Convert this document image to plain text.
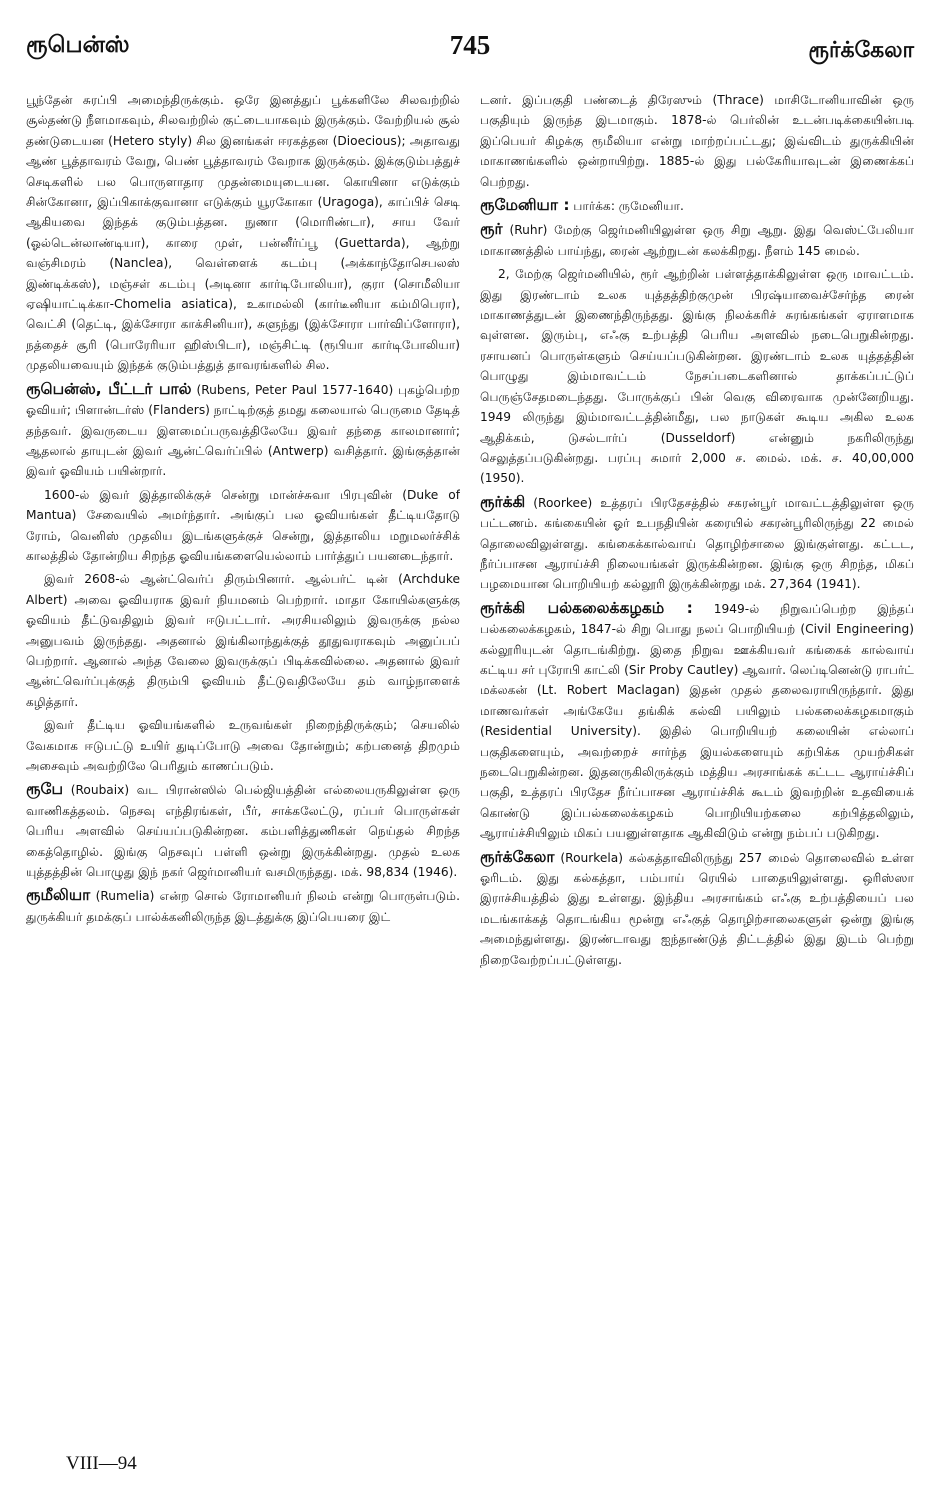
ரூபென்ஸ்	745	ரூர்க்கேலா

பூந்தேன் சுரப்பி அமைந்திருக்கும். ஒரே இனத்துப் பூக்களிலே சிலவற்றில் சூல்தண்டு நீளமாகவும், சிலவற்றில் குட்டையாகவும் இருக்கும். வேற்றியல் சூல் தண்டுடையன (Hetero styly) சில இனங்கள் ஈரகத்தன (Dioecious); அதாவது ஆண் பூத்தாவரம் வேறு, பெண் பூத்தாவரம் வேறாக இருக்கும். இக்குடும்பத்துச் செடிகளில் பல பொருளாதார முதன்மையுடையன. கொயினா எடுக்கும் சின்கோனா, இப்பிகாக்குவானா எடுக்கும் யூரகோகா (Uragoga), காப்பிச் செடி ஆகியவை இந்தக் குடும்பத்தன. நுணா (மொரிண்டா), சாய வேர் (ஓல்டென்லாண்டியா), காரை முள், பன்னீர்ப்பூ (Guettarda), ஆற்று வஞ்சிமரம் (Nanclea), வெள்ளைக் கடம்பு (அக்காந்தோசெபலஸ் இண்டிக்கஸ்), மஞ்சள் கடம்பு (அடினா கார்டிபோலியா), குரா (சொமீலியா ஏஷியாட்டிக்கா-Chomelia asiatica), உகாமல்லி (கார்டீனியா கம்மிபெரா), வெட்சி (தெட்டி, இக்சோரா காக்சினியா), சுளுந்து (இக்சோரா பார்விப்ளோரா), நத்தைச் சூரி (பொரேரியா ஹிஸ்பிடா), மஞ்சிட்டி (ரூபியா கார்டிபோலியா) முதலியவையும் இந்தக் குடும்பத்துத் தாவரங்களில் சில.

ரூபென்ஸ், பீட்டர் பால் (Rubens, Peter Paul 1577-1640) புகழ்பெற்ற ஓவியர்; பிளான்டர்ஸ் (Flanders) நாட்டிற்குத் தமது கலையால் பெருமை தேடித் தந்தவர். இவருடைய இளமைப்பருவத்திலேயே இவர் தந்தை காலமானார்; ஆதலால் தாயுடன் இவர் ஆன்ட்வெர்ப்பில் (Antwerp) வசித்தார். இங்குத்தான் இவர் ஓவியம் பயின்றார்.

1600-ல் இவர் இத்தாலிக்குச் சென்று மான்ச்சுவா பிரபுவின் (Duke of Mantua) சேவையில் அமர்ந்தார். அங்குப் பல ஓவியங்கள் தீட்டியதோடு ரோம், வெனிஸ் முதலிய இடங்களுக்குச் சென்று, இத்தாலிய மறுமலர்ச்சிக் காலத்தில் தோன்றிய சிறந்த ஓவியங்களையெல்லாம் பார்த்துப் பயனடைந்தார்.

இவர் 2608-ல் ஆன்ட்வெர்ப் திரும்பினார். ஆல்பர்ட் டின் (Archduke Albert) அவை ஓவியராக இவர் நியமனம் பெற்றார். மாதா கோயில்களுக்கு ஓவியம் தீட்டுவதிலும் இவர் ஈடுபட்டார். அரசியலிலும் இவருக்கு நல்ல அனுபவம் இருந்தது. அதனால் இங்கிலாந்துக்குத் தூதுவராகவும் அனுப்பப் பெற்றார். ஆனால் அந்த வேலை இவருக்குப் பிடிக்கவில்லை. அதனால் இவர் ஆன்ட்வெர்ப்புக்குத் திரும்பி ஓவியம் தீட்டுவதிலேயே தம் வாழ்நாளைக் கழித்தார்.

இவர் தீட்டிய ஓவியங்களில் உருவங்கள் நிறைந்திருக்கும்; செயலில் வேகமாக ஈடுபட்டு உயிர் துடிப்போடு அவை தோன்றும்; கற்பனைத் திறமும் அசைவும் அவற்றிலே பெரிதும் காணப்படும்.

ரூபே (Roubaix) வட பிரான்ஸில் பெல்ஜியத்தின் எல்லையருகிலுள்ள ஒரு வாணிகத்தலம். நெசவு எந்திரங்கள், பீர், சாக்கலேட்டு, ரப்பர் பொருள்கள் பெரிய அளவில் செய்யப்படுகின்றன. கம்பளித்துணிகள் நெய்தல் சிறந்த கைத்தொழில். இங்கு நெசவுப் பள்ளி ஒன்று இருக்கின்றது. முதல் உலக யுத்தத்தின் பொழுது இந் நகர் ஜெர்மானியர் வசமிருந்தது. மக். 98,834 (1946).

ரூமீலியா (Rumelia) என்ற சொல் ரோமானியர் நிலம் என்று பொருள்படும். துருக்கியர் தமக்குப் பால்க்கனிலிருந்த இடத்துக்கு இப்பெயரை இட்

டனர். இப்பகுதி பண்டைத் திரேஸும் (Thrace) மாசிடோனியாவின் ஒரு பகுதியும் இருந்த இடமாகும். 1878-ல் பெர்லின் உடன்படிக்கையின்படி இப்பெயர் கிழக்கு ரூமீலியா என்று மாற்றப்பட்டது; இவ்விடம் துருக்கியின் மாகாணங்களில் ஒன்றாயிற்று. 1885-ல் இது பல்கேரியாவுடன் இணைக்கப் பெற்றது.

ரூமேனியா : பார்க்க: ருமேனியா.

ரூர் (Ruhr) மேற்கு ஜெர்மனியிலுள்ள ஒரு சிறு ஆறு. இது வெஸ்ட்பேலியா மாகாணத்தில் பாய்ந்து, ரைன் ஆற்றுடன் கலக்கிறது. நீளம் 145 மைல்.

2, மேற்கு ஜெர்மனியில், ரூர் ஆற்றின் பள்ளத்தாக்கிலுள்ள ஒரு மாவட்டம். இது இரண்டாம் உலக யுத்தத்திற்குமுன் பிரஷ்யாவைச்சேர்ந்த ரைன் மாகாணத்துடன் இணைந்திருந்தது. இங்கு நிலக்கரிச் சுரங்கங்கள் ஏராளமாக வுள்ளன. இரும்பு, எஃகு உற்பத்தி பெரிய அளவில் நடைபெறுகின்றது. ரசாயனப் பொருள்களும் செய்யப்படுகின்றன. இரண்டாம் உலக யுத்தத்தின் பொழுது இம்மாவட்டம் நேசப்படைகளினால் தாக்கப்பட்டுப் பெருஞ்சேதமடைந்தது. போருக்குப் பின் வெகு விரைவாக முன்னேறியது. 1949 லிருந்து இம்மாவட்டத்தின்மீது, பல நாடுகள் கூடிய அகில உலக ஆதிக்கம், டுசல்டார்ப் (Dusseldorf) என்னும் நகரிலிருந்து செலுத்தப்படுகின்றது. பரப்பு சுமார் 2,000 ச. மைல். மக். ச. 40,00,000 (1950).

ரூர்க்கி (Roorkee) உத்தரப் பிரதேசத்தில் சகரன்பூர் மாவட்டத்திலுள்ள ஒரு பட்டணம். கங்கையின் ஓர் உபநதியின் கரையில் சகரன்பூரிலிருந்து 22 மைல் தொலைவிலுள்ளது. கங்கைக்கால்வாய் தொழிற்சாலை இங்குள்ளது. கட்டட, நீர்ப்பாசன ஆராய்ச்சி நிலையங்கள் இருக்கின்றன. இங்கு ஒரு சிறந்த, மிகப் பழமையான பொறியியற் கல்லூரி இருக்கின்றது மக். 27,364 (1941).

ரூர்க்கி பல்கலைக்கழகம் : 1949-ல் நிறுவப்பெற்ற இந்தப் பல்கலைக்கழகம், 1847-ல் சிறு பொது நலப் பொறியியற் (Civil Engineering) கல்லூரியுடன் தொடங்கிற்று. இதை நிறுவ ஊக்கியவர் கங்கைக் கால்வாய் கட்டிய சர் புரோபி காட்லி (Sir Proby Cautley) ஆவார். லெப்டினென்டு ராபர்ட் மக்லகன் (Lt. Robert Maclagan) இதன் முதல் தலைவராயிருந்தார். இது மாணவர்கள் அங்கேயே தங்கிக் கல்வி பயிலும் பல்கலைக்கழகமாகும் (Residential University). இதில் பொறியியற் கலையின் எல்லாப் பகுதிகளையும், அவற்றைச் சார்ந்த இயல்களையும் கற்பிக்க முயற்சிகள் நடைபெறுகின்றன. இதனருகிலிருக்கும் மத்திய அரசாங்கக் கட்டட ஆராய்ச்சிப் பகுதி, உத்தரப் பிரதேச நீர்ப்பாசன ஆராய்ச்சிக் கூடம் இவற்றின் உதவியைக் கொண்டு இப்பல்கலைக்கழகம் பொறியியற்கலை கற்பித்தலிலும், ஆராய்ச்சியிலும் மிகப் பயனுள்ளதாக ஆகிவிடும் என்று நம்பப் படுகிறது.

ரூர்க்கேலா (Rourkela) கல்கத்தாவிலிருந்து 257 மைல் தொலைவில் உள்ள ஓரிடம். இது கல்கத்தா, பம்பாய் ரெயில் பாதையிலுள்ளது. ஒரிஸ்ஸா இராச்சியத்தில் இது உள்ளது. இந்திய அரசாங்கம் எஃகு உற்பத்தியைப் பல மடங்காக்கத் தொடங்கிய மூன்று எஃகுத் தொழிற்சாலைகளுள் ஒன்று இங்கு அமைந்துள்ளது. இரண்டாவது ஐந்தாண்டுத் திட்டத்தில் இது இடம் பெற்று நிறைவேற்றப்பட்டுள்ளது.

VIII—94
